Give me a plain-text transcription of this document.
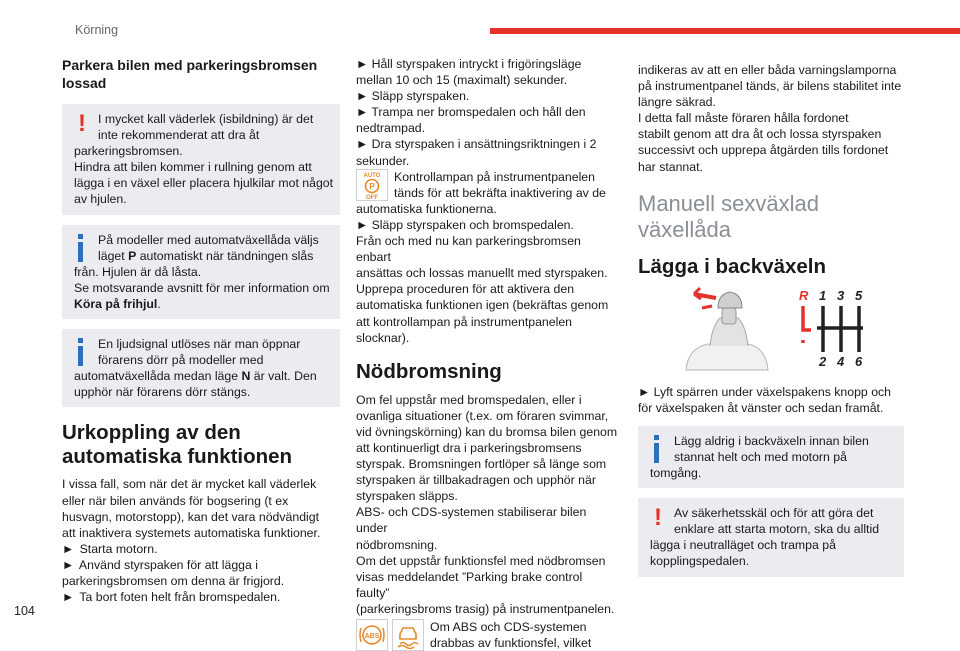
Körning
104
Parkera bilen med parkeringsbromsen lossad
! I mycket kall väderlek (isbildning) är det inte rekommenderat att dra åt parkeringsbromsen.
Hindra att bilen kommer i rullning genom att lägga i en växel eller placera hjulkilar mot något av hjulen.
På modeller med automatväxellåda väljs läget P automatiskt när tändningen slås från. Hjulen är då låsta.
Se motsvarande avsnitt för mer information om Köra på frihjul.
En ljudsignal utlöses när man öppnar förarens dörr på modeller med automatväxellåda medan läge N är valt. Den upphör när förarens dörr stängs.
Urkoppling av den automatiska funktionen

I vissa fall, som när det är mycket kall väderlek
eller när bilen används för bogsering (t ex
husvagn, motorstopp), kan det vara nödvändigt
att inaktivera systemets automatiska funktioner.
► Starta motorn.
► Använd styrspaken för att lägga i
parkeringsbromsen om denna är frigjord.
► Ta bort foten helt från bromspedalen.

► Håll styrspaken intryckt i frigöringsläge
mellan 10 och 15 (maximalt) sekunder.
► Släpp styrspaken.
► Trampa ner bromspedalen och håll den
nedtrampad.
► Dra styrspaken i ansättningsriktningen i 2
sekunder.
AUTO
P
OFF
Kontrollampan på instrumentpanelen
tänds för att bekräfta inaktivering av de
automatiska funktionerna.
► Släpp styrspaken och bromspedalen.
Från och med nu kan parkeringsbromsen enbart
ansättas och lossas manuellt med styrspaken.
Upprepa proceduren för att aktivera den
automatiska funktionen igen (bekräftas genom
att kontrollampan på instrumentpanelen
slocknar).
Nödbromsning
Om fel uppstår med bromspedalen, eller i
ovanliga situationer (t.ex. om föraren svimmar,
vid övningskörning) kan du bromsa bilen genom
att kontinuerligt dra i parkeringsbromsens
styrspak. Bromsningen fortlöper så länge som
styrspaken är tillbakadragen och upphör när
styrspaken släpps.
ABS- och CDS-systemen stabiliserar bilen under
nödbromsning.
Om det uppstår funktionsfel med nödbromsen
visas meddelandet ”Parking brake control faulty”
(parkeringsbroms trasig) på instrumentpanelen.
ABS
Om ABS och CDS-systemen
drabbas av funktionsfel, vilket
indikeras av att en eller båda varningslamporna
på instrumentpanel tänds, är bilens stabilitet inte
längre säkrad.
I detta fall måste föraren hålla fordonet
stabilt genom att dra åt och lossa styrspaken
successivt och upprepa åtgärden tills fordonet
har stannat.
Manuell sexväxlad växellåda
Lägga i backväxeln
R 1 3 5
2 4 6
► Lyft spärren under växelspakens knopp och
för växelspaken åt vänster och sedan framåt.
Lägg aldrig i backväxeln innan bilen stannat helt och med motorn på
tomgång.
! Av säkerhetsskäl och för att göra det enklare att starta motorn, ska du alltid
lägga i neutralläget och trampa på
kopplingspedalen.
